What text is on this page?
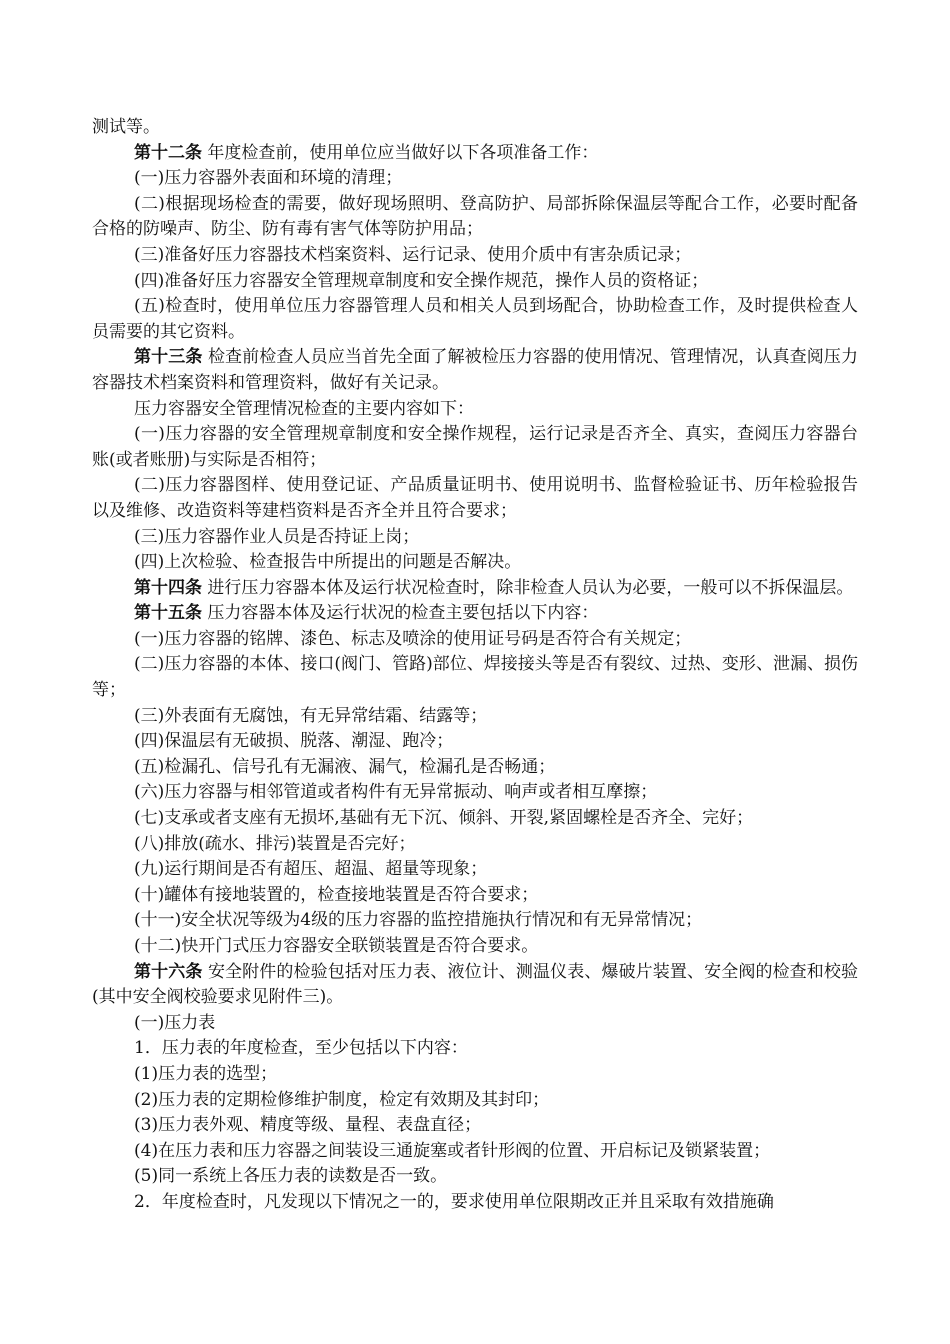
测试等。

第十二条 年度检查前，使用单位应当做好以下各项准备工作：

(一)压力容器外表面和环境的清理；

(二)根据现场检查的需要，做好现场照明、登高防护、局部拆除保温层等配合工作，必要时配备合格的防噪声、防尘、防有毒有害气体等防护用品；

(三)准备好压力容器技术档案资料、运行记录、使用介质中有害杂质记录；

(四)准备好压力容器安全管理规章制度和安全操作规范，操作人员的资格证；

(五)检查时，使用单位压力容器管理人员和相关人员到场配合，协助检查工作，及时提供检查人员需要的其它资料。

第十三条 检查前检查人员应当首先全面了解被检压力容器的使用情况、管理情况，认真查阅压力容器技术档案资料和管理资料，做好有关记录。

压力容器安全管理情况检查的主要内容如下：

(一)压力容器的安全管理规章制度和安全操作规程，运行记录是否齐全、真实，查阅压力容器台账(或者账册)与实际是否相符；

(二)压力容器图样、使用登记证、产品质量证明书、使用说明书、监督检验证书、历年检验报告以及维修、改造资料等建档资料是否齐全并且符合要求；

(三)压力容器作业人员是否持证上岗；

(四)上次检验、检查报告中所提出的问题是否解决。

第十四条 进行压力容器本体及运行状况检查时，除非检查人员认为必要，一般可以不拆保温层。

第十五条 压力容器本体及运行状况的检查主要包括以下内容：

(一)压力容器的铭牌、漆色、标志及喷涂的使用证号码是否符合有关规定；

(二)压力容器的本体、接口(阀门、管路)部位、焊接接头等是否有裂纹、过热、变形、泄漏、损伤等；

(三)外表面有无腐蚀，有无异常结霜、结露等；

(四)保温层有无破损、脱落、潮湿、跑冷；

(五)检漏孔、信号孔有无漏液、漏气，检漏孔是否畅通；

(六)压力容器与相邻管道或者构件有无异常振动、响声或者相互摩擦；

(七)支承或者支座有无损坏,基础有无下沉、倾斜、开裂,紧固螺栓是否齐全、完好；

(八)排放(疏水、排污)装置是否完好；

(九)运行期间是否有超压、超温、超量等现象；

(十)罐体有接地装置的，检查接地装置是否符合要求；

(十一)安全状况等级为4级的压力容器的监控措施执行情况和有无异常情况；

(十二)快开门式压力容器安全联锁装置是否符合要求。

第十六条 安全附件的检验包括对压力表、液位计、测温仪表、爆破片装置、安全阀的检查和校验(其中安全阀校验要求见附件三)。

(一)压力表

1．压力表的年度检查，至少包括以下内容：

(1)压力表的选型；

(2)压力表的定期检修维护制度，检定有效期及其封印；

(3)压力表外观、精度等级、量程、表盘直径；

(4)在压力表和压力容器之间装设三通旋塞或者针形阀的位置、开启标记及锁紧装置；

(5)同一系统上各压力表的读数是否一致。

2．年度检查时，凡发现以下情况之一的，要求使用单位限期改正并且采取有效措施确
